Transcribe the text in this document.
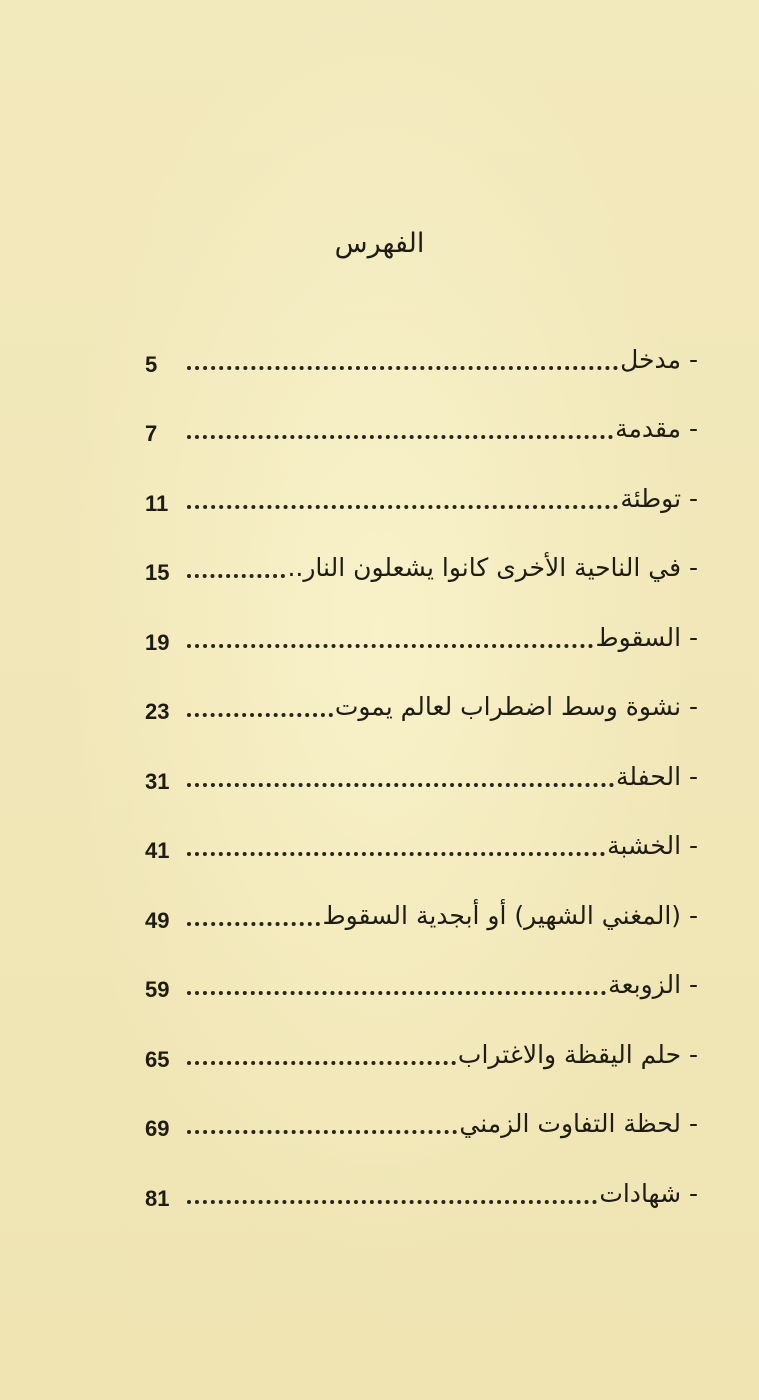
الفهرس
- مدخل
5
- مقدمة
7
- توطئة
11
- في الناحية الأخرى كانوا يشعلون النار..
15
- السقوط
19
- نشوة وسط اضطراب لعالم يموت
23
- الحفلة
31
- الخشبة
41
- (المغني الشهير) أو أبجدية السقوط
49
- الزوبعة
59
- حلم اليقظة والاغتراب
65
- لحظة التفاوت الزمني
69
- شهادات
81
